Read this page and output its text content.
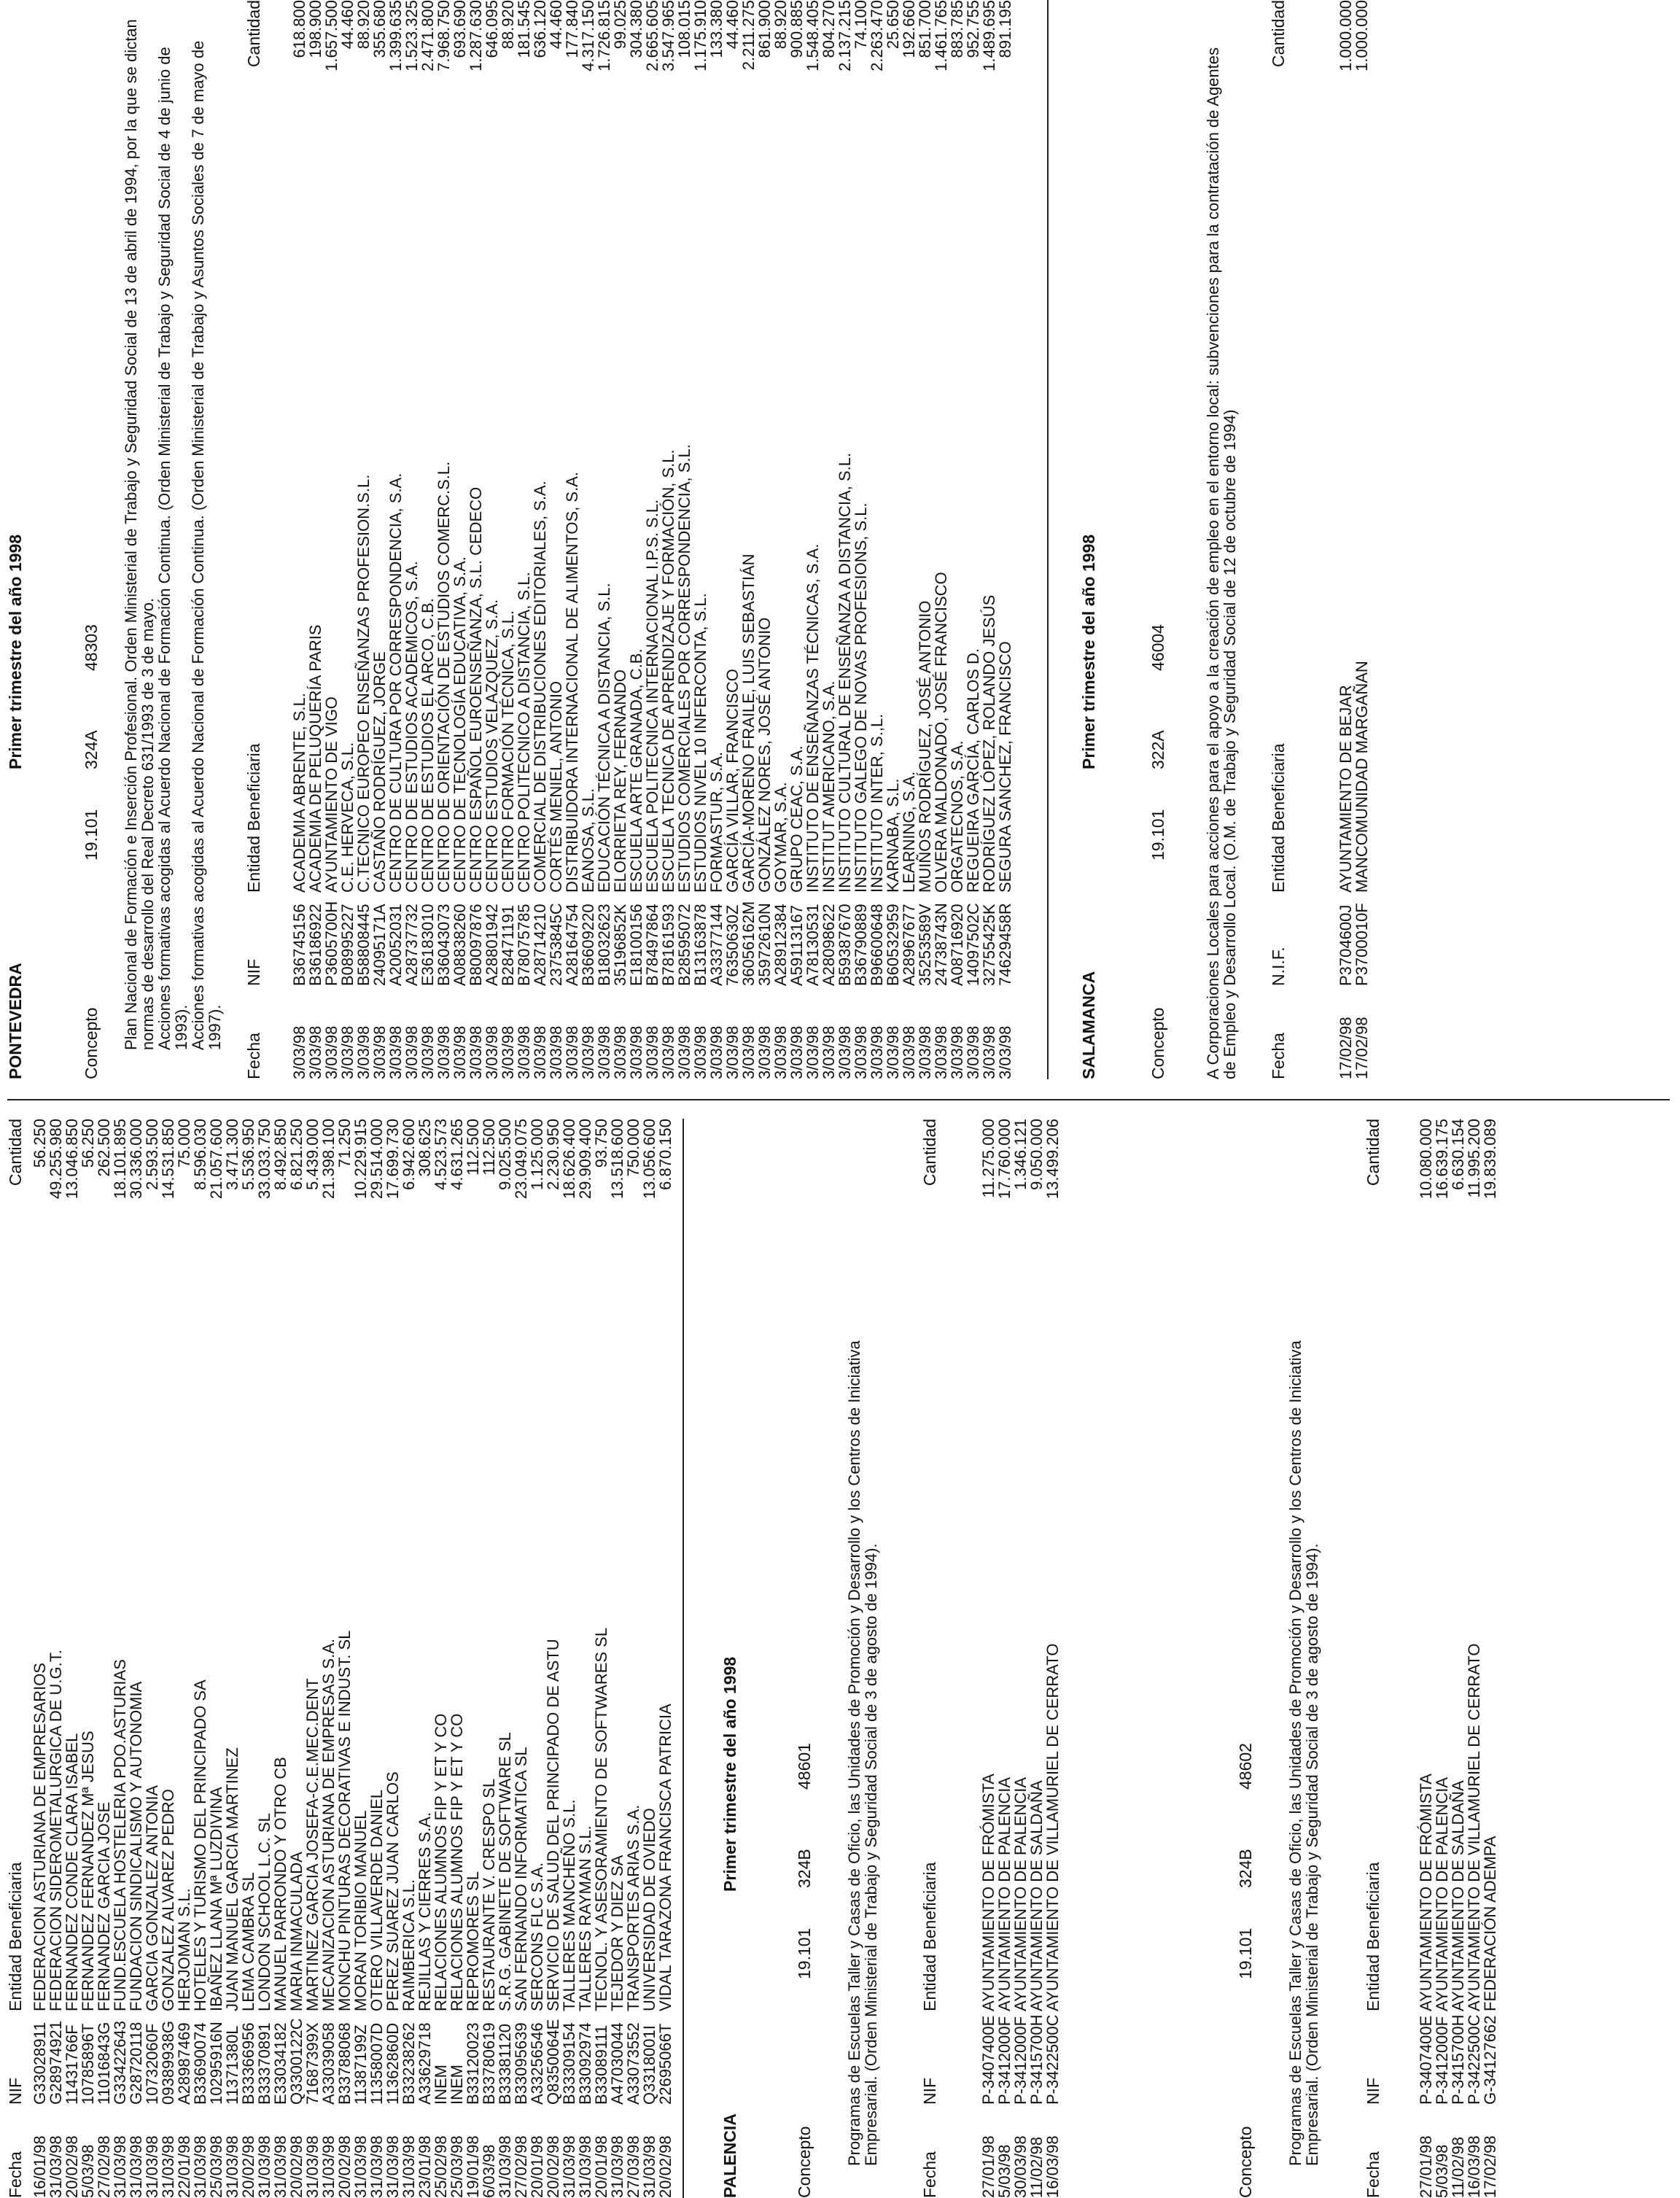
Fecha
NIF
Entidad Beneficiaria
Cantidad
16/01/98	G33028911	FEDERACION ASTURIANA DE EMPRESARIOS	56.250
31/03/98	G28974921	FEDERACION SIDEROMETALURGICA DE U.G.T.	49.255.980
20/02/98	11431766F	FERNANDEZ CONDE CLARA ISABEL	13.046.850
5/03/98	10785896T	FERNANDEZ FERNANDEZ Mª JESUS	56.250
27/02/98	11016843G	FERNANDEZ GARCIA JOSE	262.500
31/03/98	G33422643	FUND.ESCUELA HOSTELERIA PDO.ASTURIAS	18.101.895
31/03/98	G28720118	FUNDACION SINDICALISMO Y AUTONOMIA	30.336.000
31/03/98	10732060F	GARCIA GONZALEZ ANTONIA	2.593.500
31/03/98	09389938G	GONZALEZ ALVAREZ PEDRO	14.531.850
22/01/98	A28987469	HERJOMAN S.L.	75.000
31/03/98	B33690074	HOTELES Y TURISMO DEL PRINCIPADO SA	8.596.030
25/03/98	10295916N	IBAÑEZ LLANA Mª LUZDIVINA	21.057.600
31/03/98	11371380L	JUAN MANUEL GARCIA MARTINEZ	3.471.300
20/02/98	B33366956	LEMA CAMBRA SL	5.536.950
31/03/98	B33370891	LONDON SCHOOL L.C. SL	33.033.750
31/03/98	E33034182	MANUEL PARRONDO Y OTRO CB	8.492.850
20/02/98	Q3300122C	MARIA INMACULADA	6.821.250
31/03/98	71687399X	MARTINEZ GARCIA JOSEFA-C.E.MEC.DENT	5.439.000
31/03/98	A33039058	MECANIZACION ASTURIANA DE EMPRESAS S.A.	21.398.100
20/02/98	B33788068	MONCHU PINTURAS DECORATIVAS E INDUST. SL	71.250
31/03/98	11387199Z	MORAN TORIBIO MANUEL	10.229.915
31/03/98	11358007D	OTERO VILLAVERDE DANIEL	29.514.000
31/03/98	11362860D	PEREZ SUAREZ JUAN CARLOS	17.699.730
31/03/98	B33238262	RAIMBERICA S.L.	6.942.600
23/01/98	A33629718	REJILLAS Y CIERRES S.A.	308.625
25/02/98	INEM	RELACIONES ALUMNOS FIP Y ET Y CO	4.523.573
25/03/98	INEM	RELACIONES ALUMNOS FIP Y ET Y CO	4.631.265
19/01/98	B33120023	REPROMORES SL	112.500
6/03/98	B33780619	RESTAURANTE V. CRESPO SL	112.500
31/03/98	B33381120	S.R.G. GABINETE DE SOFTWARE SL	9.025.500
27/02/98	B33095639	SAN FERNANDO INFORMATICA SL	23.049.075
20/01/98	A33256546	SERCONS FLC S.A.	1.125.000
20/02/98	Q8350064E	SERVICIO DE SALUD DEL PRINCIPADO DE ASTU	2.230.950
31/03/98	B33309154	TALLERES MANCHEÑO S.L.	18.626.400
31/03/98	B33092974	TALLERES RAYMAN S.L.	29.909.400
20/01/98	B33089111	TECNOL. Y ASESORAMIENTO DE SOFTWARES SL	93.750
31/03/98	A47030044	TEJEDOR Y DIEZ SA	13.518.600
27/03/98	A33073552	TRANSPORTES ARIAS S.A.	750.000
31/03/98	Q3318001I	UNIVERSIDAD DE OVIEDO	13.056.600
20/02/98	22695066T	VIDAL TARAZONA FRANCISCA PATRICIA	6.870.150
PALENCIA
Primer trimestre del año 1998
Concepto
19.101
324B
48601 Programas de Escuelas Taller y Casas de Oficio, las Unidades de Promoción y Desarrollo y los Centros de Iniciativa Empresarial. (Orden Ministerial de Trabajo y Seguridad Social de 3 de agosto de 1994).
Fecha
NIF
Entidad Beneficiaria
Cantidad
27/01/98	P-3407400E	AYUNTAMIENTO DE FRÓMISTA	11.275.000
5/03/98	P-3412000F	AYUNTAMIENTO DE PALENCIA	17.760.000
30/03/98	P-3412000F	AYUNTAMIENTO DE PALENCIA	1.346.121
11/02/98	P-3415700H	AYUNTAMIENTO DE SALDAÑA	9.050.000
16/03/98	P-3422500C	AYUNTAMIENTO DE VILLAMURIEL DE CERRATO	13.499.206
Concepto
19.101
324B
48602 Programas de Escuelas Taller y Casas de Oficio, las Unidades de Promoción y Desarrollo y los Centros de Iniciativa Empresarial. (Orden Ministerial de Trabajo y Seguridad Social de 3 de agosto de 1994).
Fecha
NIF
Entidad Beneficiaria
Cantidad
27/01/98	P-3407400E	AYUNTAMIENTO DE FRÓMISTA	10.080.000
5/03/98	P-3412000F	AYUNTAMIENTO DE PALENCIA	16.639.175
11/02/98	P-3415700H	AYUNTAMIENTO DE SALDAÑA	6.630.154
16/03/98	P-3422500C	AYUNTAMIENTO DE VILLAMURIEL DE CERRATO	11.995.200
17/02/98	G-34127662	FEDERACIÓN ADEMPA	19.839.089
PONTEVEDRA
Primer trimestre del año 1998
Concepto
19.101
324A
48303 Plan Nacional de Formación e Inserción Profesional. Orden Ministerial de Trabajo y Seguridad Social de 13 de abril de 1994, por la que se dictan normas de desarrollo del Real Decreto 631/1993 de 3 de mayo.
Acciones formativas acogidas al Acuerdo Nacional de Formación Continua. (Orden Ministerial de Trabajo y Seguridad Social de 4 de junio de 1993).
Acciones formativas acogidas al Acuerdo Nacional de Formación Continua. (Orden Ministerial de Trabajo y Asuntos Sociales de 7 de mayo de 1997).
Fecha
NIF
Entidad Beneficiaria
Cantidad
3/03/98	B36745156	ACADEMIA ABRENTE, S.L.	618.800
3/03/98	B36186922	ACADEMIA DE PELUQUERÍA PARIS	198.900
3/03/98	P3605700H	AYUNTAMIENTO DE VIGO	1.657.500
3/03/98	B08995227	C.E. HERVECA, S.L.	44.460
3/03/98	B58808445	C.TECNICO EUROPEO ENSEÑANZAS PROFESION.S.L.	88.920
3/03/98	24095171A	CASTAÑO RODRÍGUEZ, JORGE	355.680
3/03/98	A20052031	CENTRO DE CULTURA POR CORRESPONDENCIA, S.A.	1.399.635
3/03/98	A28737732	CENTRO DE ESTUDIOS ACADEMICOS, S.A.	1.523.325
3/03/98	E36183010	CENTRO DE ESTUDIOS EL ARCO, C.B.	2.471.800
3/03/98	B36043073	CENTRO DE ORIENTACIÓN DE ESTUDIOS COMERC.S.L.	7.968.750
3/03/98	A08838260	CENTRO DE TECNOLOGÍA EDUCATIVA, S.A.	693.690
3/03/98	B80097876	CENTRO ESPAÑOL EUROENSEÑANZA, S.L. CEDECO	1.287.630
3/03/98	A28801942	CENTRO ESTUDIOS VELAZQUEZ, S.A.	646.095
3/03/98	B28471191	CENTRO FORMACIÓN TÉCNICA, S.L.	88.920
3/03/98	B78075785	CENTRO POLITECNICO A DISTANCIA, S.L.	181.545
3/03/98	A28714210	COMERCIAL DE DISTRIBUCIONES EDITORIALES, S.A.	636.120
3/03/98	23753845C	CORTÉS MENIEL, ANTONIO	44.460
3/03/98	A28164754	DISTRIBUIDORA INTERNACIONAL DE ALIMENTOS, S.A.	177.840
3/03/98	B36609220	EANOSA, S.L.	4.317.150
3/03/98	B18032623	EDUCACIÓN TÉCNICA A DISTANCIA, S.L.	1.726.815
3/03/98	35196852K	ELORRIETA REY, FERNANDO	99.025
3/03/98	E18100156	ESCUELA ARTE GRANADA, C.B.	304.380
3/03/98	B78497864	ESCUELA POLITECNICA INTERNACIONAL I.P.S. S.L.	2.665.605
3/03/98	B78161593	ESCUELA TECNICA DE APRENDIZAJE Y FORMACIÓN, S.L.	3.547.965
3/03/98	B28595072	ESTUDIOS COMERCIALES POR CORRESPONDENCIA, S.L.	108.015
3/03/98	B13163878	ESTUDIOS NIVEL 10 INFERCONTA, S.L.	1.175.910
3/03/98	A33377144	FORMASTUR, S.A.	133.380
3/03/98	76350630Z	GARCÍA VILLAR, FRANCISCO	44.460
3/03/98	36056162M	GARCÍA-MORENO FRAILE, LUIS SEBASTIÁN	2.211.275
3/03/98	35972610N	GONZÁLEZ NORES, JOSÉ ANTONIO	861.900
3/03/98	A28912384	GOYMAR, S.A.	88.920
3/03/98	A59113167	GRUPO CEAC, S.A.	900.885
3/03/98	A78130531	INSTITUTO DE ENSEÑANZAS TÉCNICAS, S.A.	1.548.405
3/03/98	A28098622	INSTITUT AMERICANO, S.A.	804.270
3/03/98	B59387670	INSTITUTO CULTURAL DE ENSEÑANZA A DISTANCIA, S.L.	2.137.215
3/03/98	B36790889	INSTITUTO GALEGO DE NOVAS PROFESIONS, S.L.	74.100
3/03/98	B96600648	INSTITUTO INTER, S.,L.	2.263.470
3/03/98	B60532959	KARNABA, S.L.	25.650
3/03/98	A28967677	LEARNING, S.A.	192.660
3/03/98	35253589V	MUIÑOS RODRÍGUEZ, JOSÉ ANTONIO	851.700
3/03/98	24738743N	OLVERA MALDONADO, JOSÉ FRANCISCO	1.461.765
3/03/98	A08716920	ORGATECNOS, S.A.	883.785
3/03/98	14097502C	REGUEIRA GARCÍA, CARLOS D.	952.755
3/03/98	32755425K	RODRÍGUEZ LÓPEZ, ROLANDO JESÚS	1.489.695
3/03/98	74629458R	SEGURA SANCHEZ, FRANCISCO	891.195
SALAMANCA
Primer trimestre del año 1998
Concepto
19.101
322A
46004 A Corporaciones Locales para acciones para el apoyo a la creación de empleo en el entorno local: subvenciones para la contratación de Agentes de Empleo y Desarrollo Local. (O.M. de Trabajo y Seguridad Social de 12 de octubre de 1994) Fecha
N.I.F.
Entidad Beneficiaria
Cantidad
17/02/98	P3704600J	AYUNTAMIENTO DE BEJAR	1.000.000
17/02/98	P3700010F	MANCOMUNIDAD MARGAÑAN	1.000.000
